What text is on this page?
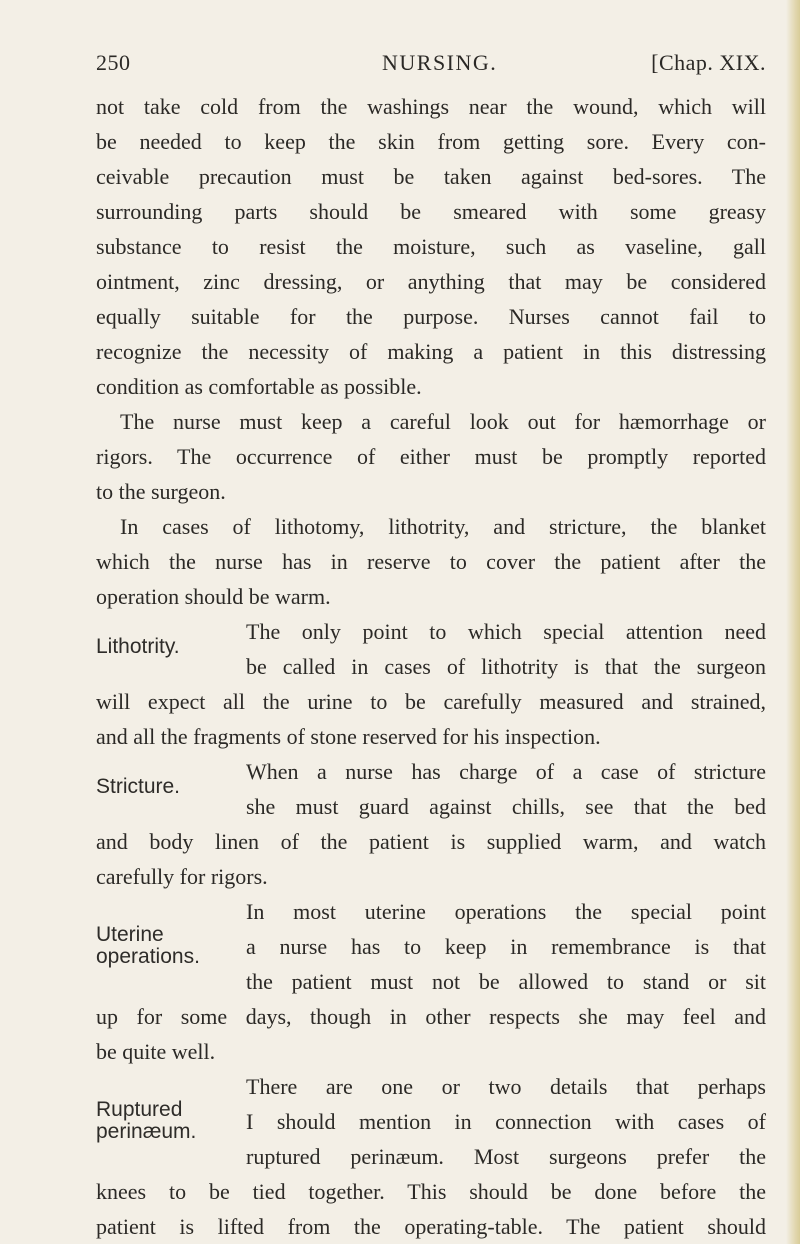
250	NURSING.	[Chap. XIX.
not take cold from the washings near the wound, which will
be needed to keep the skin from getting sore. Every con-
ceivable precaution must be taken against bed-sores. The
surrounding parts should be smeared with some greasy
substance to resist the moisture, such as vaseline, gall
ointment, zinc dressing, or anything that may be considered
equally suitable for the purpose. Nurses cannot fail to
recognize the necessity of making a patient in this distressing
condition as comfortable as possible.
The nurse must keep a careful look out for hæmorrhage or
rigors. The occurrence of either must be promptly reported
to the surgeon.
In cases of lithotomy, lithotrity, and stricture, the blanket
which the nurse has in reserve to cover the patient after the
operation should be warm.
The only point to which special attention need
be called in cases of lithotrity is that the surgeon
will expect all the urine to be carefully measured and strained,
and all the fragments of stone reserved for his inspection.
When a nurse has charge of a case of stricture
she must guard against chills, see that the bed
and body linen of the patient is supplied warm, and watch
carefully for rigors.
In most uterine operations the special point
a nurse has to keep in remembrance is that
the patient must not be allowed to stand or sit
up for some days, though in other respects she may feel and
be quite well.
There are one or two details that perhaps
I should mention in connection with cases of
ruptured perinæum. Most surgeons prefer the
knees to be tied together. This should be done before the
patient is lifted from the operating-table. The patient should
Lithotrity.
Stricture.
Uterine
operations.
Ruptured
perinæum.
